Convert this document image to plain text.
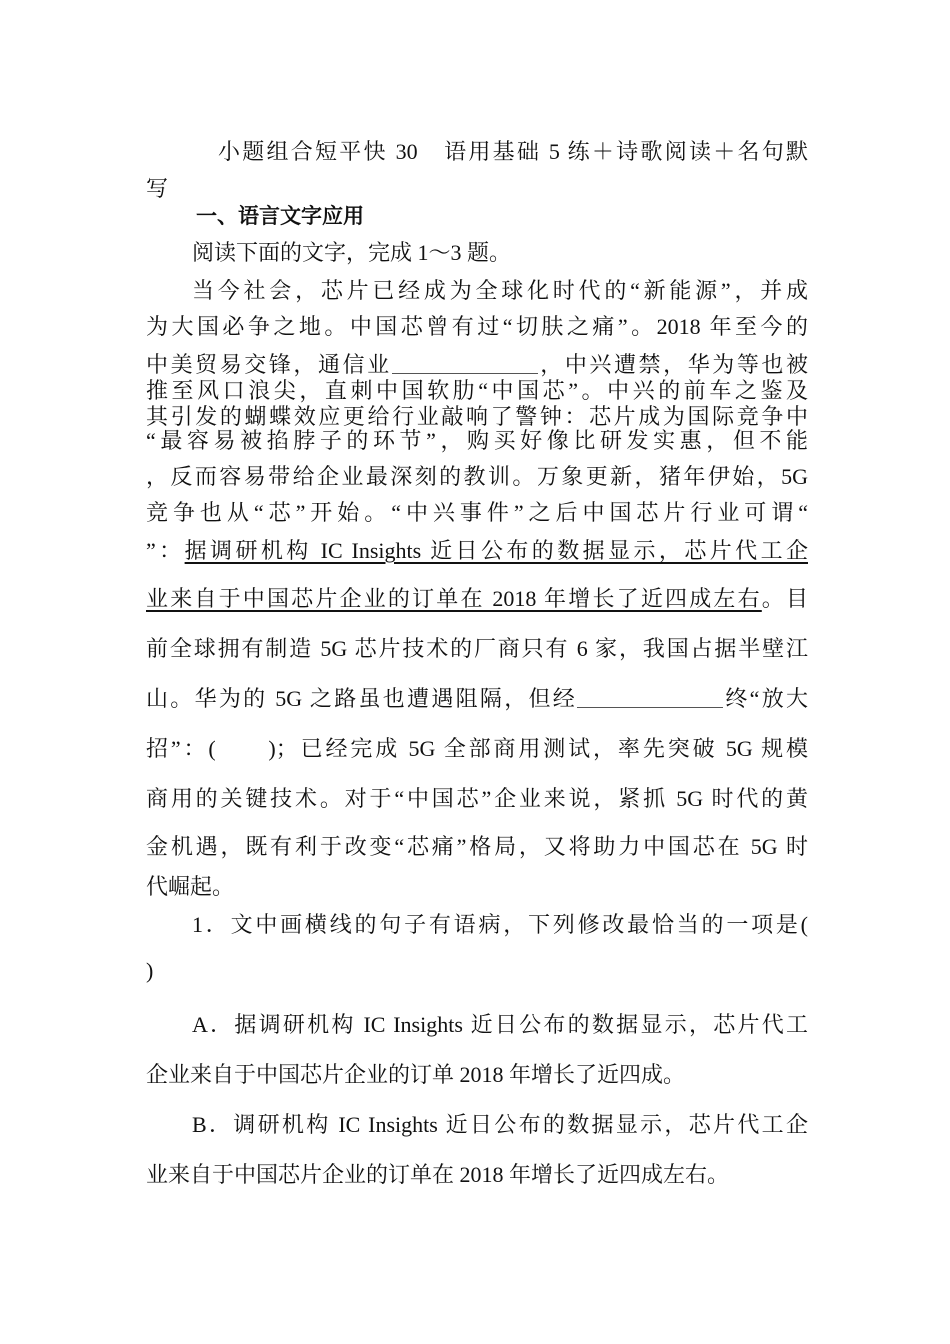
小题组合短平快 30　语用基础 5 练＋诗歌阅读＋名句默
写
一、语言文字应用
阅读下面的文字，完成 1～3 题。
当今社会，芯片已经成为全球化时代的“新能源”，并成
为大国必争之地。中国芯曾有过“切肤之痛”。2018 年至今的
中美贸易交锋，通信业	，中兴遭禁，华为等也被
推至风口浪尖，直刺中国软肋“中国芯”。中兴的前车之鉴及
其引发的蝴蝶效应更给行业敲响了警钟：芯片成为国际竞争中
“最容易被掐脖子的环节”，购买好像比研发实惠，但不能
，反而容易带给企业最深刻的教训。万象更新，猪年伊始，5G
竞争也从“芯”开始。“中兴事件”之后中国芯片行业可谓“
”：据调研机构 IC Insights 近日公布的数据显示，芯片代工企
业来自于中国芯片企业的订单在 2018 年增长了近四成左右。目
前全球拥有制造 5G 芯片技术的厂商只有 6 家，我国占据半壁江
山。华为的 5G 之路虽也遭遇阻隔，但经	终“放大
招”：(　　)；已经完成 5G 全部商用测试，率先突破 5G 规模
商用的关键技术。对于“中国芯”企业来说，紧抓 5G 时代的黄
金机遇，既有利于改变“芯痛”格局，又将助力中国芯在 5G 时
代崛起。
1．文中画横线的句子有语病，下列修改最恰当的一项是(
)
A．据调研机构 IC Insights 近日公布的数据显示，芯片代工
企业来自于中国芯片企业的订单 2018 年增长了近四成。
B．调研机构 IC Insights 近日公布的数据显示，芯片代工企
业来自于中国芯片企业的订单在 2018 年增长了近四成左右。
